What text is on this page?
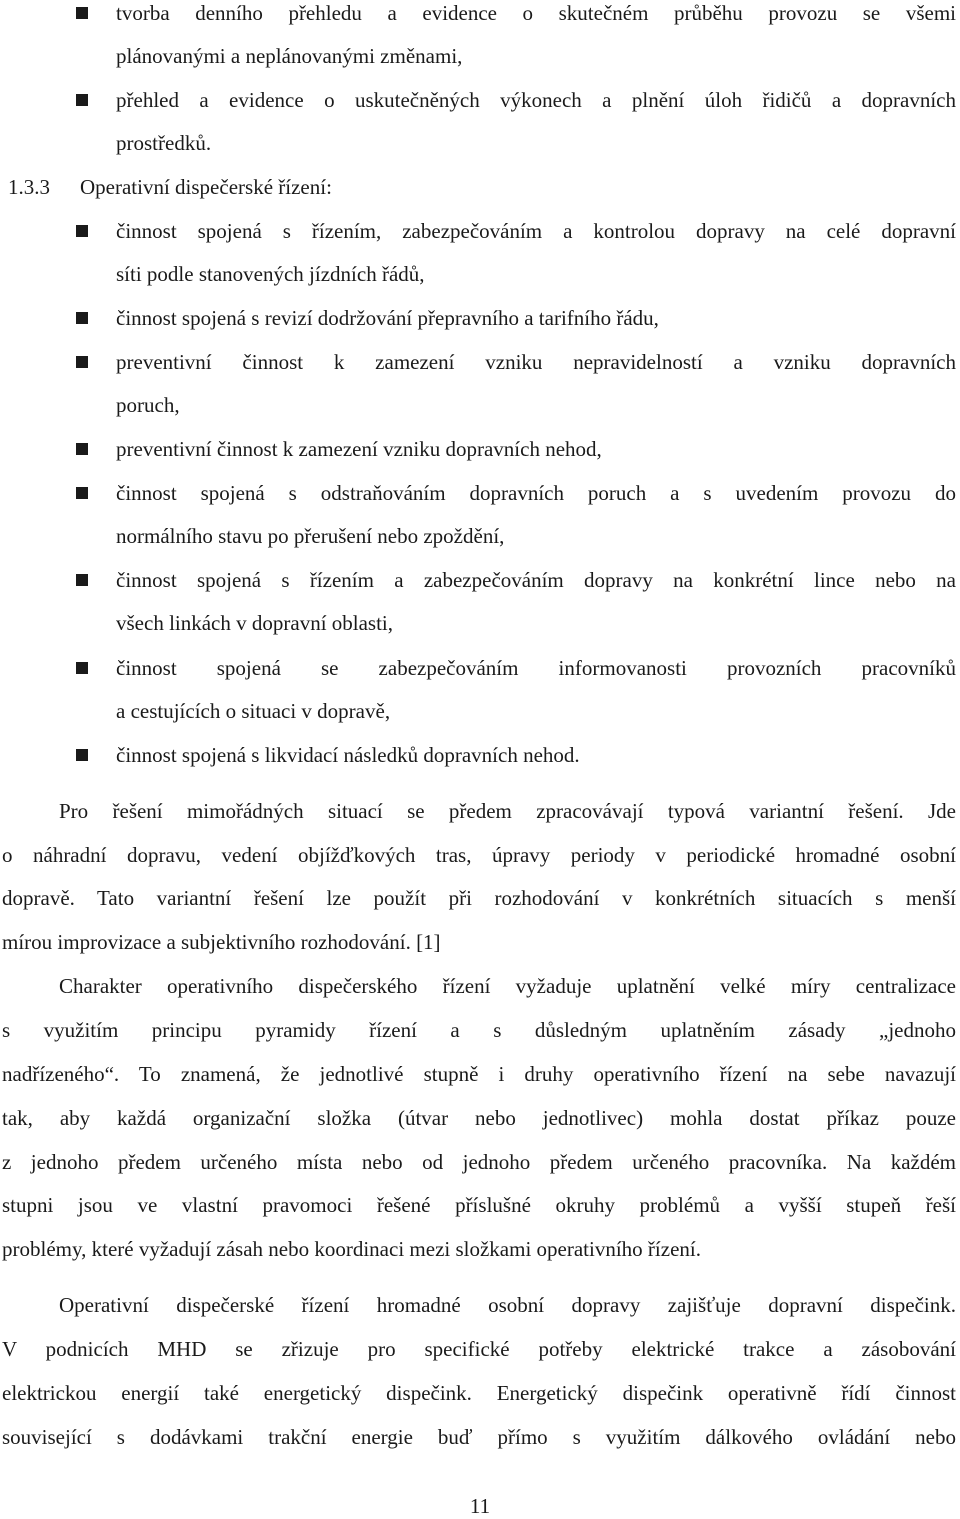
tvorba denního přehledu a evidence o skutečném průběhu provozu se všemi
plánovanými a neplánovanými změnami,
přehled a evidence o uskutečněných výkonech a plnění úloh řidičů a dopravních
prostředků.
1.3.3 Operativní dispečerské řízení:
činnost spojená s řízením, zabezpečováním a kontrolou dopravy na celé dopravní
síti podle stanovených jízdních řádů,
činnost spojená s revizí dodržování přepravního a tarifního řádu,
preventivní činnost k zamezení vzniku nepravidelností a vzniku dopravních
poruch,
preventivní činnost k zamezení vzniku dopravních nehod,
činnost spojená s odstraňováním dopravních poruch a s uvedením provozu do
normálního stavu po přerušení nebo zpoždění,
činnost spojená s řízením a zabezpečováním dopravy na konkrétní lince nebo na
všech linkách v dopravní oblasti,
činnost spojená se zabezpečováním informovanosti provozních pracovníků
a cestujících o situaci v dopravě,
činnost spojená s likvidací následků dopravních nehod.
Pro řešení mimořádných situací se předem zpracovávají typová variantní řešení. Jde
o náhradní dopravu, vedení objížďkových tras, úpravy periody v periodické hromadné osobní
dopravě. Tato variantní řešení lze použít při rozhodování v konkrétních situacích s menší
mírou improvizace a subjektivního rozhodování. [1]
Charakter operativního dispečerského řízení vyžaduje uplatnění velké míry centralizace
s využitím principu pyramidy řízení a s důsledným uplatněním zásady „jednoho
nadřízeného“. To znamená, že jednotlivé stupně i druhy operativního řízení na sebe navazují
tak, aby každá organizační složka (útvar nebo jednotlivec) mohla dostat příkaz pouze
z jednoho předem určeného místa nebo od jednoho předem určeného pracovníka. Na každém
stupni jsou ve vlastní pravomoci řešené příslušné okruhy problémů a vyšší stupeň řeší
problémy, které vyžadují zásah nebo koordinaci mezi složkami operativního řízení.
Operativní dispečerské řízení hromadné osobní dopravy zajišťuje dopravní dispečink.
V podnicích MHD se zřizuje pro specifické potřeby elektrické trakce a zásobování
elektrickou energií také energetický dispečink. Energetický dispečink operativně řídí činnost
související s dodávkami trakční energie buď přímo s využitím dálkového ovládání nebo
11
